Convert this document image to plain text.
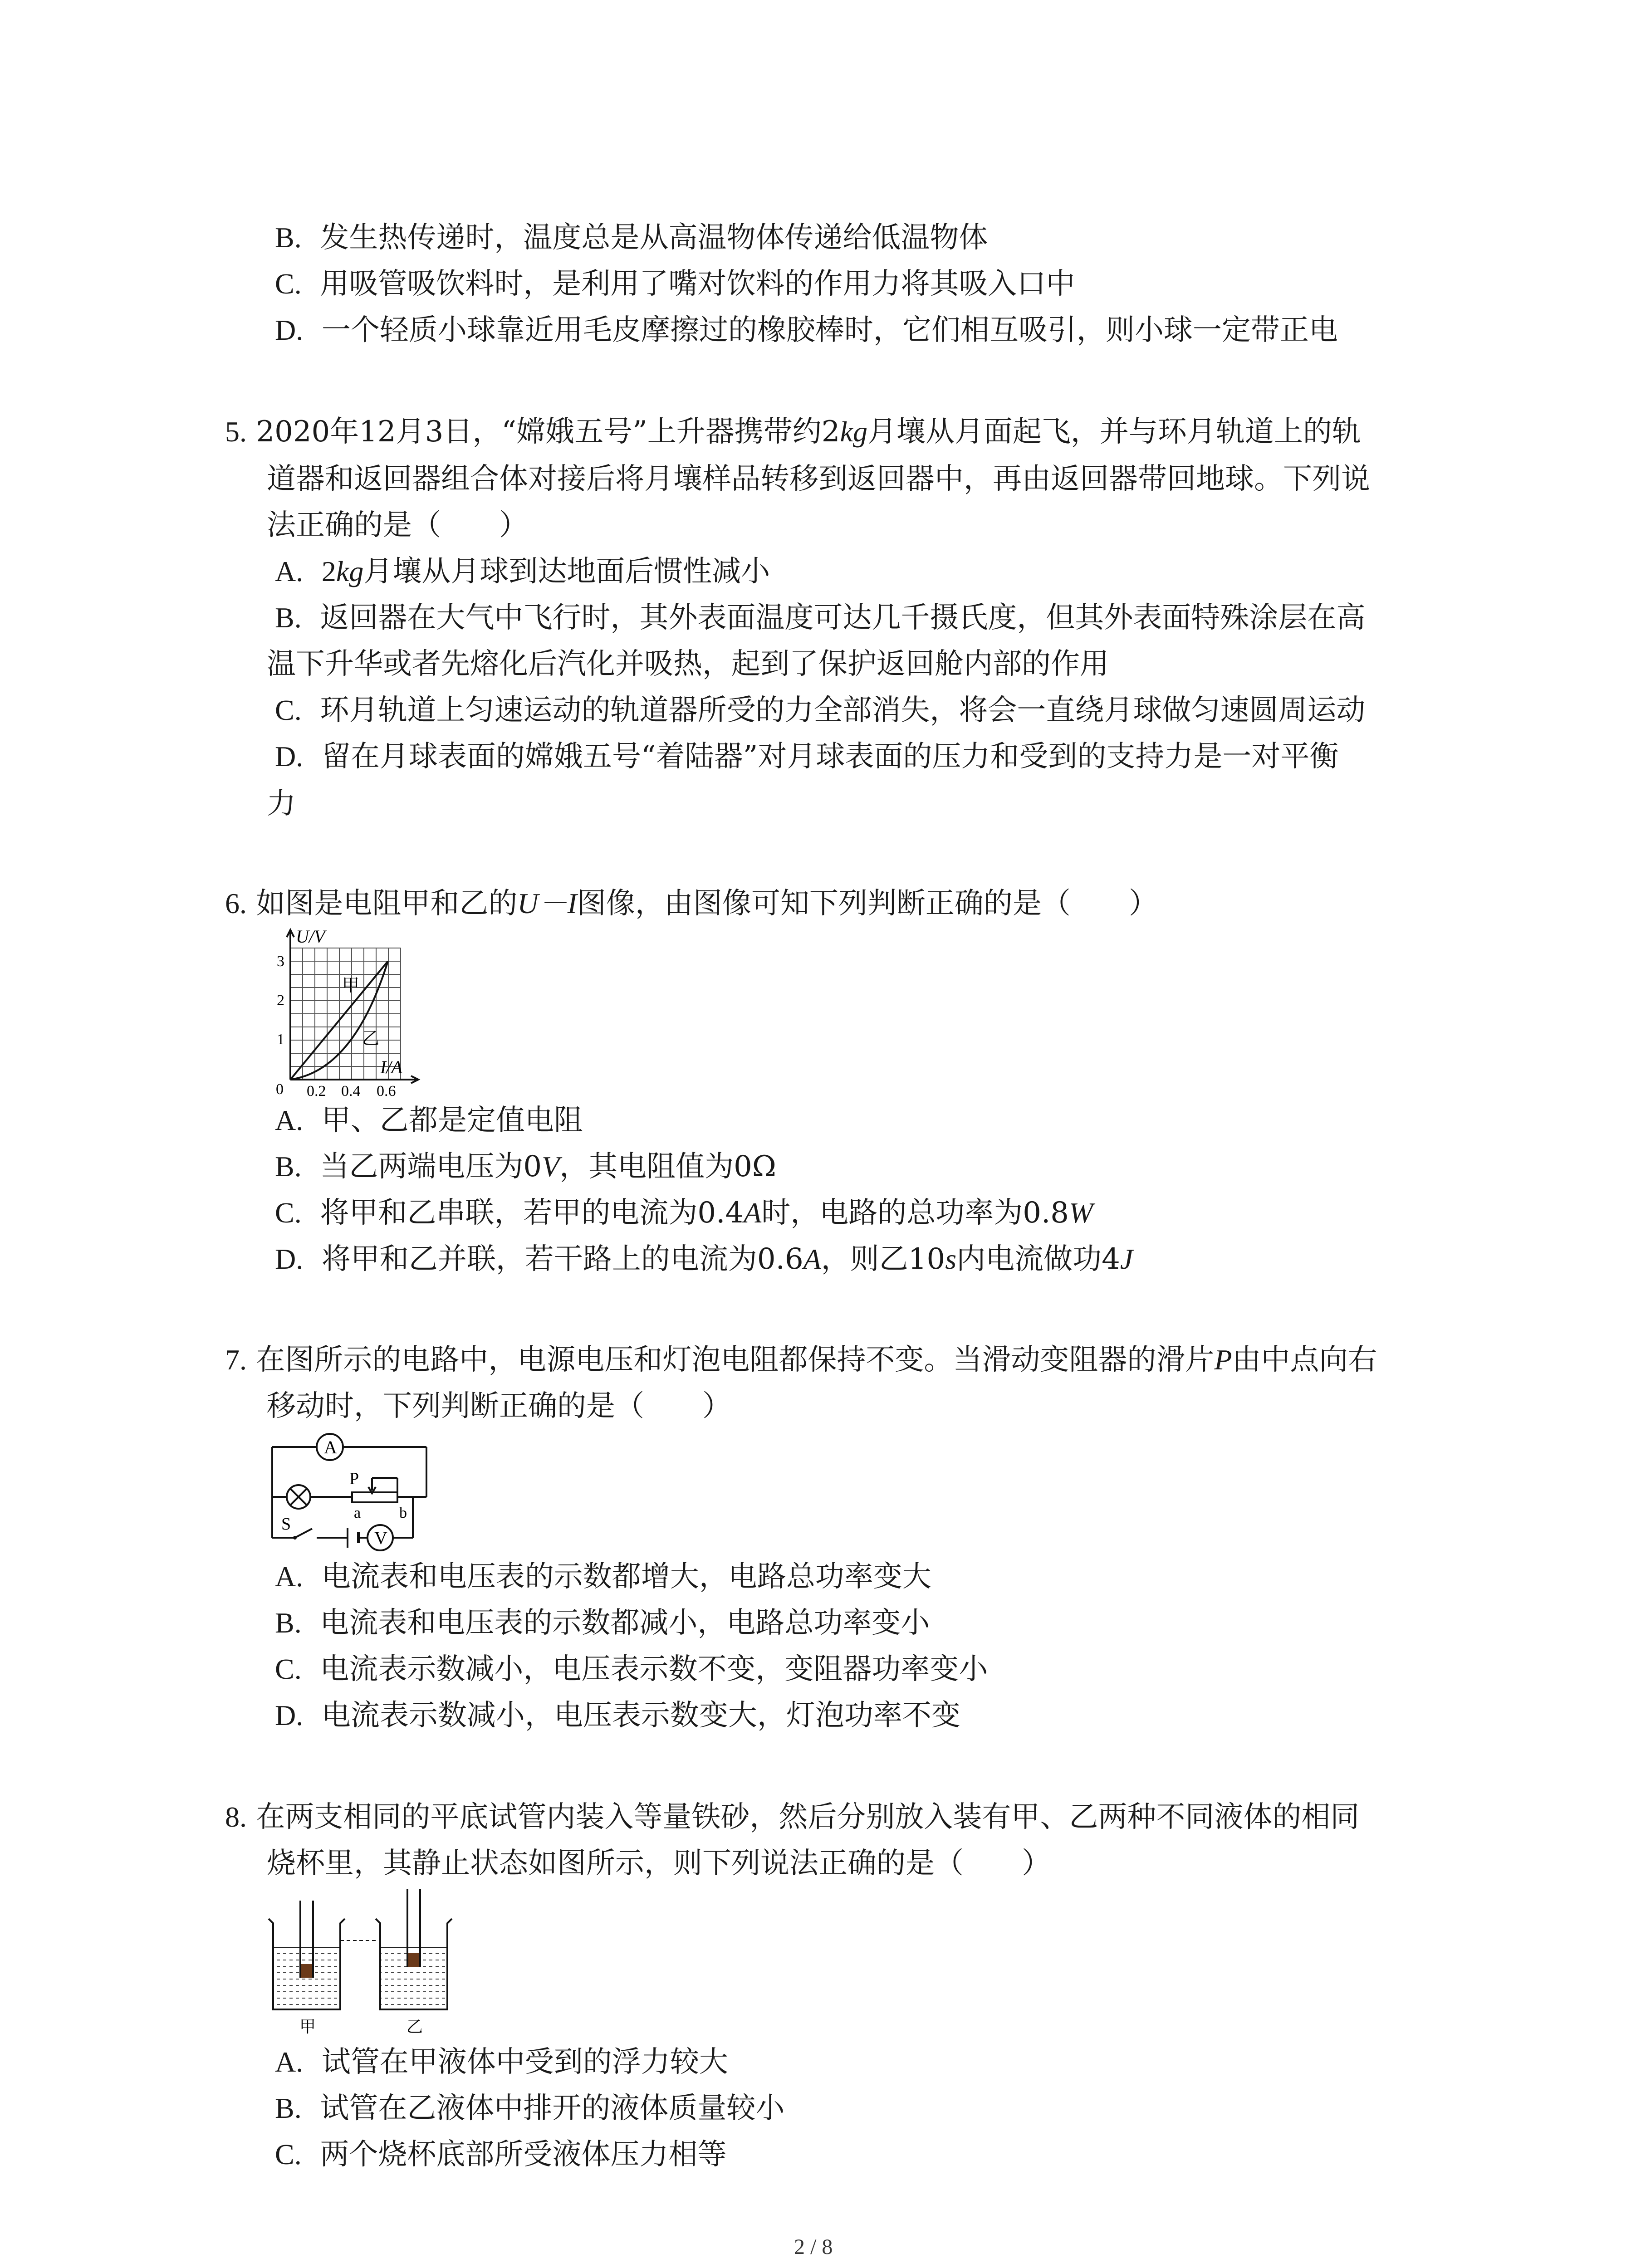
B. 发生热传递时，温度总是从高温物体传递给低温物体
C. 用吸管吸饮料时，是利用了嘴对饮料的作用力将其吸入口中
D. 一个轻质小球靠近用毛皮摩擦过的橡胶棒时，它们相互吸引，则小球一定带正电
5. 2020年12月3日，“嫦娥五号”上升器携带约2kg月壤从月面起飞，并与环月轨道上的轨
道器和返回器组合体对接后将月壤样品转移到返回器中，再由返回器带回地球。下列说
法正确的是（　　）
A. 2kg月壤从月球到达地面后惯性减小
B. 返回器在大气中飞行时，其外表面温度可达几千摄氏度，但其外表面特殊涂层在高
温下升华或者先熔化后汽化并吸热，起到了保护返回舱内部的作用
C. 环月轨道上匀速运动的轨道器所受的力全部消失，将会一直绕月球做匀速圆周运动
D. 留在月球表面的嫦娥五号“着陆器”对月球表面的压力和受到的支持力是一对平衡
力
6. 如图是电阻甲和乙的U－I图像，由图像可知下列判断正确的是（　　）
U/V
I/A
0
1
2
3
0.2 0.4 0.6
甲
乙
A. 甲、乙都是定值电阻
B. 当乙两端电压为0V，其电阻值为0Ω
C. 将甲和乙串联，若甲的电流为0.4A时，电路的总功率为0.8W
D. 将甲和乙并联，若干路上的电流为0.6A，则乙10s内电流做功4J
7. 在图所示的电路中，电源电压和灯泡电阻都保持不变。当滑动变阻器的滑片P由中点向右
移动时，下列判断正确的是（　　）
A
P
a b
S
V
A. 电流表和电压表的示数都增大，电路总功率变大
B. 电流表和电压表的示数都减小，电路总功率变小
C. 电流表示数减小，电压表示数不变，变阻器功率变小
D. 电流表示数减小，电压表示数变大，灯泡功率不变
8. 在两支相同的平底试管内装入等量铁砂，然后分别放入装有甲、乙两种不同液体的相同
烧杯里，其静止状态如图所示，则下列说法正确的是（　　）
甲	乙
A. 试管在甲液体中受到的浮力较大
B. 试管在乙液体中排开的液体质量较小
C. 两个烧杯底部所受液体压力相等
2 / 8
